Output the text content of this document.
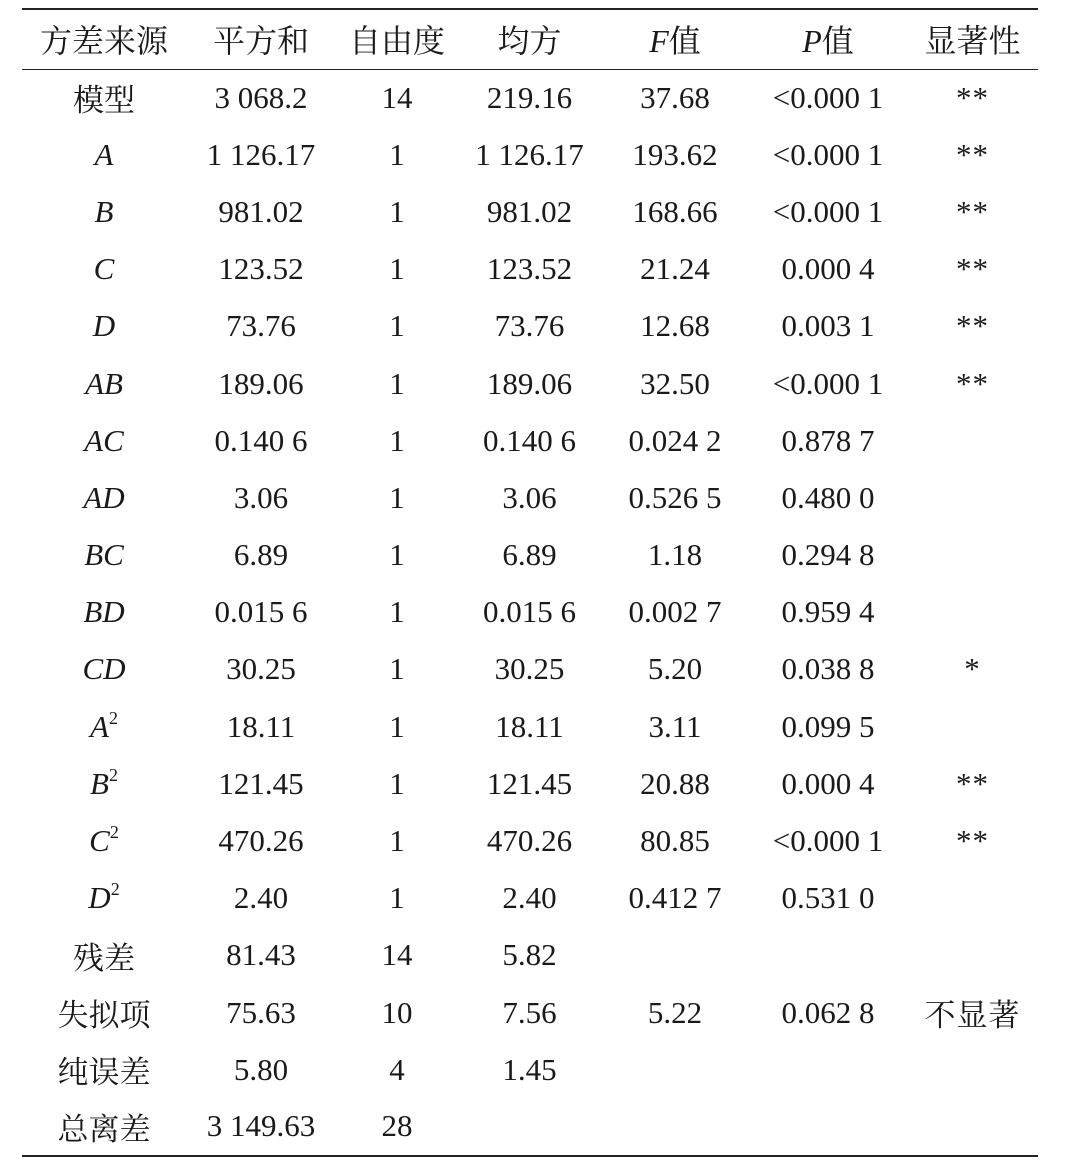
方差来源	平方和	自由度	均方	F值	P值	显著性
模型	3 068.2	14	219.16	37.68	<0.000 1	**
A	1 126.17	1	1 126.17	193.62	<0.000 1	**
B	981.02	1	981.02	168.66	<0.000 1	**
C	123.52	1	123.52	21.24	0.000 4	**
D	73.76	1	73.76	12.68	0.003 1	**
AB	189.06	1	189.06	32.50	<0.000 1	**
AC	0.140 6	1	0.140 6	0.024 2	0.878 7	
AD	3.06	1	3.06	0.526 5	0.480 0	
BC	6.89	1	6.89	1.18	0.294 8	
BD	0.015 6	1	0.015 6	0.002 7	0.959 4	
CD	30.25	1	30.25	5.20	0.038 8	*
$A^2$	18.11	1	18.11	3.11	0.099 5	
$B^2$	121.45	1	121.45	20.88	0.000 4	**
$C^2$	470.26	1	470.26	80.85	<0.000 1	**
$D^2$	2.40	1	2.40	0.412 7	0.531 0	
残差	81.43	14	5.82			
失拟项	75.63	10	7.56	5.22	0.062 8	不显著
纯误差	5.80	4	1.45			
总离差	3 149.63	28				
